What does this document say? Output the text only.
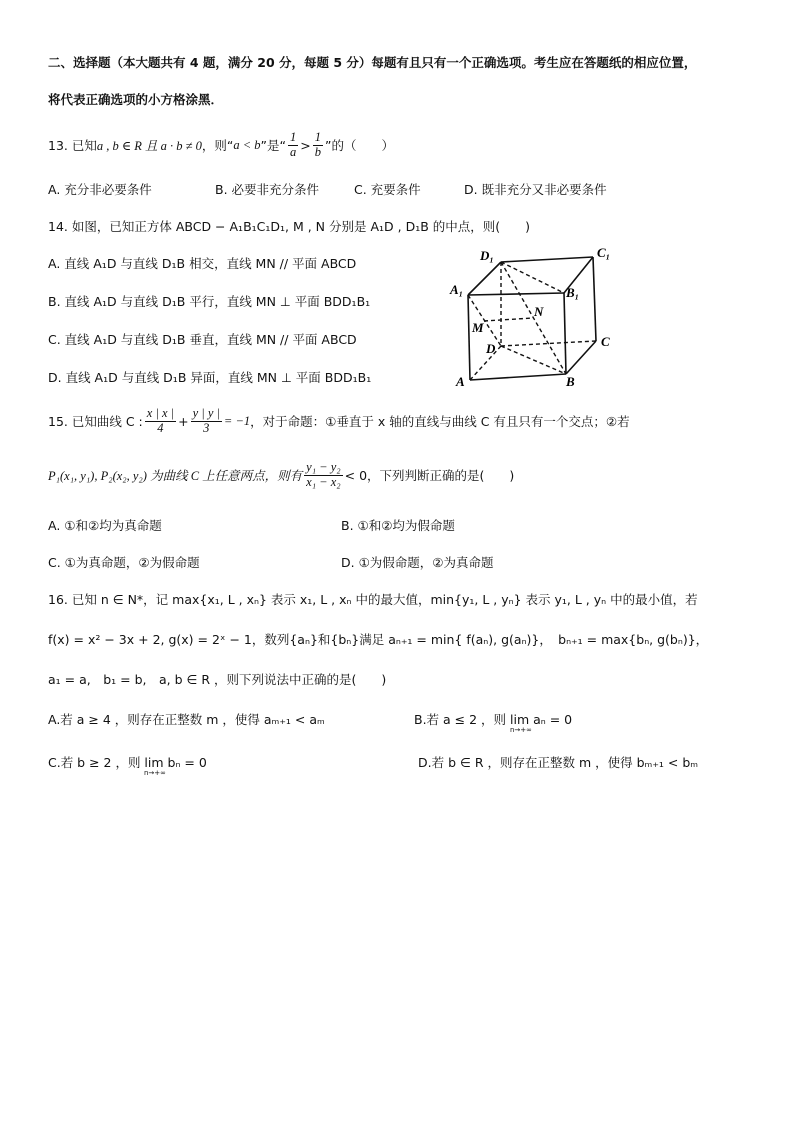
二、选择题（本大题共有 4 题，满分 20 分，每题 5 分）每题有且只有一个正确选项。考生应在答题纸的相应位置，
将代表正确选项的小方格涂黑．
13. 已知 a , b ∈ R 且 a · b ≠ 0 ，则“ a < b ”是“ $\frac{1}{a} > \frac{1}{b}$ ”的（　　）
A. 充分非必要条件	B. 必要非充分条件	C. 充要条件	D. 既非充分又非必要条件
14. 如图，已知正方体 ABCD − A₁B₁C₁D₁, M , N 分别是 A₁D , D₁B 的中点，则(　　)
A. 直线 A₁D 与直线 D₁B 相交，直线 MN // 平面 ABCD
B. 直线 A₁D 与直线 D₁B 平行，直线 MN ⊥ 平面 BDD₁B₁
C. 直线 A₁D 与直线 D₁B 垂直，直线 MN // 平面 ABCD
D. 直线 A₁D 与直线 D₁B 异面，直线 MN ⊥ 平面 BDD₁B₁
D₁	C₁
A₁	B₁
N
M
D	C
A	B
15. 已知曲线 C : $\frac{x | x |}{4} + \frac{y | y |}{3} = -1$ ，对于命题：①垂直于 x 轴的直线与曲线 C 有且只有一个交点；②若
P₁(x₁, y₁), P₂(x₂, y₂) 为曲线 C 上任意两点，则有 $\frac{\text{y₁ − y₂}}{\text{x₁ − x₂}} < 0$，下列判断正确的是(　　)
A. ①和②均为真命题	B. ①和②均为假命题
C. ①为真命题，②为假命题	D. ①为假命题，②为真命题
16. 已知 n ∈ N*，记 max{x₁, L , xₙ} 表示 x₁, L , xₙ 中的最大值，min{y₁, L , yₙ} 表示 y₁, L , yₙ 中的最小值，若
f(x) = x² − 3x + 2, g(x) = 2ˣ − 1，数列{aₙ}和{bₙ}满足 aₙ₊₁ = min{ f(aₙ), g(aₙ)}，　bₙ₊₁ = max{bₙ, g(bₙ)}，
a₁ = a,　b₁ = b,　a, b ∈ R ，则下列说法中正确的是(　　)
A.若 a ≥ 4 ，则存在正整数 m ，使得 aₘ₊₁ < aₘ	B.若 a ≤ 2 ，则 lim aₙ = 0
n→+∞
C.若 b ≥ 2 ，则 lim bₙ = 0
n→+∞
D.若 b ∈ R ，则存在正整数 m ，使得 bₘ₊₁ < bₘ
